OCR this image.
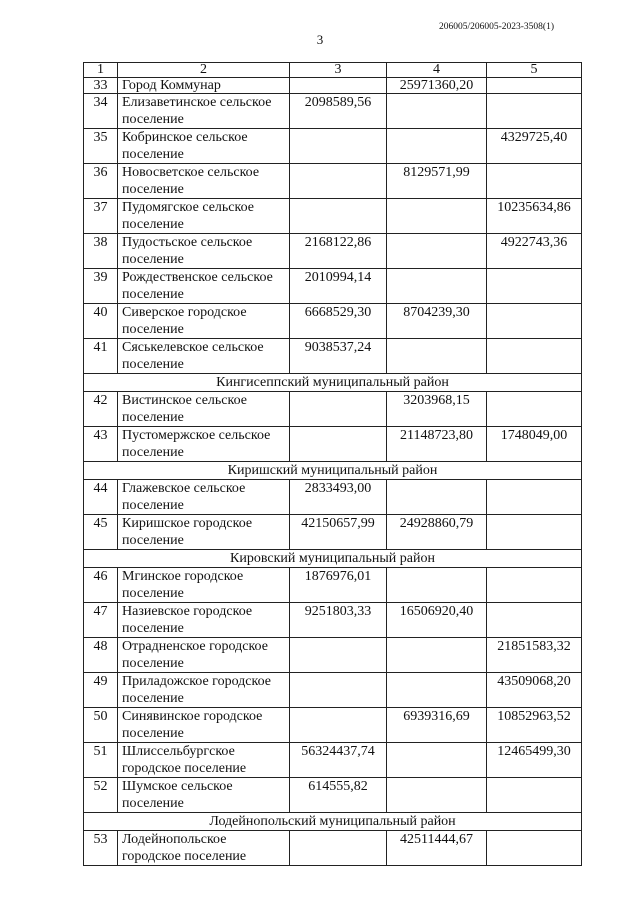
206005/206005-2023-3508(1)
3
1	2	3	4	5
33	Город Коммунар		25971360,20	
34	Елизаветинское сельское поселение	2098589,56		
35	Кобринское сельское поселение			4329725,40
36	Новосветское сельское поселение		8129571,99	
37	Пудомягское сельское поселение			10235634,86
38	Пудостьское сельское поселение	2168122,86		4922743,36
39	Рождественское сельское поселение	2010994,14		
40	Сиверское городское поселение	6668529,30	8704239,30	
41	Сяськелевское сельское поселение	9038537,24		
Кингисеппский муниципальный район				
42	Вистинское сельское поселение		3203968,15	
43	Пустомержское сельское поселение		21148723,80	1748049,00
Киришский муниципальный район				
44	Глажевское сельское поселение	2833493,00		
45	Киришское городское поселение	42150657,99	24928860,79	
Кировский муниципальный район				
46	Мгинское городское поселение	1876976,01		
47	Назиевское городское поселение	9251803,33	16506920,40	
48	Отрадненское городское поселение			21851583,32
49	Приладожское городское поселение			43509068,20
50	Синявинское городское поселение		6939316,69	10852963,52
51	Шлиссельбургское городское поселение	56324437,74		12465499,30
52	Шумское сельское поселение	614555,82		
Лодейнопольский муниципальный район				
53	Лодейнопольское городское поселение		42511444,67	
